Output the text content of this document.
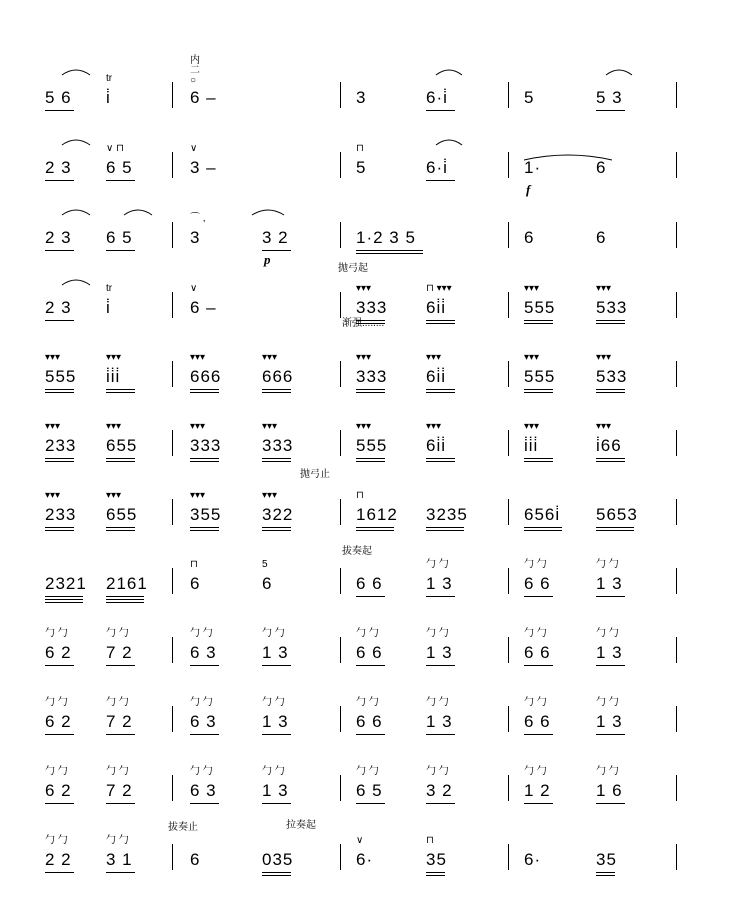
抛弓起
渐强........
抛弓止
拔奏起
拔奏止	拉奏起
5 6 i̇
tr
6 –
内
二
○
3	6·i̇	5	5 3
2 3 6 5
∨ ⊓
3 –
∨
5
⊓
6·i̇	1·
f
6
2 3 6 5	3
⌒ ,
3 2
p
1·2 3 5	6	6
2 3 i̇
tr
6 –
∨
333
▾▾▾
6i̇i̇
⊓ ▾▾▾
555
▾▾▾
533
▾▾▾
555
▾▾▾
i̇i̇i̇
▾▾▾
666
▾▾▾
666
▾▾▾
333
▾▾▾
6i̇i̇
▾▾▾
555
▾▾▾
533
▾▾▾
233
▾▾▾
655
▾▾▾
333
▾▾▾
333
▾▾▾
555
▾▾▾
6i̇i̇
▾▾▾
i̇i̇i̇
▾▾▾
i̇66
▾▾▾
233
▾▾▾
655
▾▾▾
355
▾▾▾
322
▾▾▾
1612
⊓
3235	656i̇ 5653
2321 2161 6
⊓
6
5
6 6	1 3
勹 勹
6 6
勹 勹
1 3
勹 勹
6 2
勹 勹
7 2
勹 勹
6 3
勹 勹
1 3
勹 勹
6 6
勹 勹
1 3
勹 勹
6 6
勹 勹
1 3
勹 勹
6 2
勹 勹
7 2
勹 勹
6 3
勹 勹
1 3
勹 勹
6 6
勹 勹
1 3
勹 勹
6 6
勹 勹
1 3
勹 勹
6 2
勹 勹
7 2
勹 勹
6 3
勹 勹
1 3
勹 勹
6 5
勹 勹
3 2
勹 勹
1 2
勹 勹
1 6
勹 勹
2 2
勹 勹
3 1
勹 勹
6	035	6·
∨
35
⊓
6·	35
